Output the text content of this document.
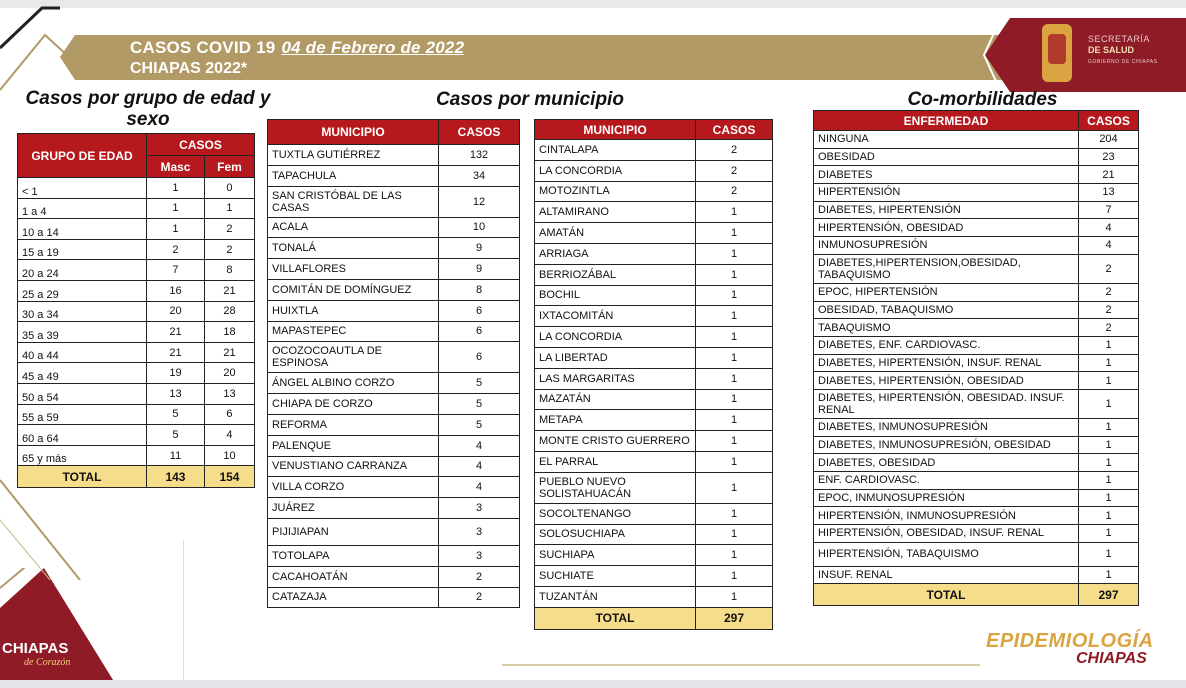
CASOS COVID 19 04 de Febrero de 2022
CHIAPAS 2022*
SECRETARÍA
DE SALUD
GOBIERNO DE CHIAPAS
Casos por grupo de edad y
sexo
GRUPO DE EDAD	CASOS	
	Masc	Fem
< 1	1	0
1 a 4	1	1
10 a 14	1	2
15 a 19	2	2
20 a 24	7	8
25 a 29	16	21
30 a 34	20	28
35 a 39	21	18
40 a 44	21	21
45 a 49	19	20
50 a 54	13	13
55 a 59	5	6
60 a 64	5	4
65 y más	11	10
TOTAL	143	154
Casos por municipio
MUNICIPIO	CASOS
TUXTLA GUTIÉRREZ	132
TAPACHULA	34
SAN CRISTÓBAL DE LAS CASAS	12
ACALA	10
TONALÁ	9
VILLAFLORES	9
COMITÁN DE DOMÍNGUEZ	8
HUIXTLA	6
MAPASTEPEC	6
OCOZOCOAUTLA DE ESPINOSA	6
ÁNGEL ALBINO CORZO	5
CHIAPA DE CORZO	5
REFORMA	5
PALENQUE	4
VENUSTIANO CARRANZA	4
VILLA CORZO	4
JUÁREZ	3
PIJIJIAPAN	3
TOTOLAPA	3
CACAHOATÁN	2
CATAZAJA	2
MUNICIPIO	CASOS
CINTALAPA	2
LA CONCORDIA	2
MOTOZINTLA	2
ALTAMIRANO	1
AMATÁN	1
ARRIAGA	1
BERRIOZÁBAL	1
BOCHIL	1
IXTACOMITÁN	1
LA CONCORDIA	1
LA LIBERTAD	1
LAS MARGARITAS	1
MAZATÁN	1
METAPA	1
MONTE CRISTO GUERRERO	1
EL PARRAL	1
PUEBLO NUEVO SOLISTAHUACÁN	1
SOCOLTENANGO	1
SOLOSUCHIAPA	1
SUCHIAPA	1
SUCHIATE	1
TUZANTÁN	1
TOTAL	297
Co-morbilidades
ENFERMEDAD	CASOS
NINGUNA	204
OBESIDAD	23
DIABETES	21
HIPERTENSIÓN	13
DIABETES, HIPERTENSIÓN	7
HIPERTENSIÓN, OBESIDAD	4
INMUNOSUPRESIÓN	4
DIABETES,HIPERTENSION,OBESIDAD, TABAQUISMO	2
EPOC, HIPERTENSIÓN	2
OBESIDAD, TABAQUISMO	2
TABAQUISMO	2
DIABETES, ENF. CARDIOVASC.	1
DIABETES, HIPERTENSIÓN, INSUF. RENAL	1
DIABETES, HIPERTENSIÓN, OBESIDAD	1
DIABETES, HIPERTENSIÓN, OBESIDAD. INSUF. RENAL	1
DIABETES, INMUNOSUPRESIÓN	1
DIABETES, INMUNOSUPRESIÓN, OBESIDAD	1
DIABETES, OBESIDAD	1
ENF. CARDIOVASC.	1
EPOC, INMUNOSUPRESIÓN	1
HIPERTENSIÓN, INMUNOSUPRESIÓN	1
HIPERTENSIÓN, OBESIDAD, INSUF. RENAL	1
HIPERTENSIÓN, TABAQUISMO	1
INSUF. RENAL	1
TOTAL	297
CHIAPAS
de Corazón
EPIDEMIOLOGÍA
CHIAPAS
